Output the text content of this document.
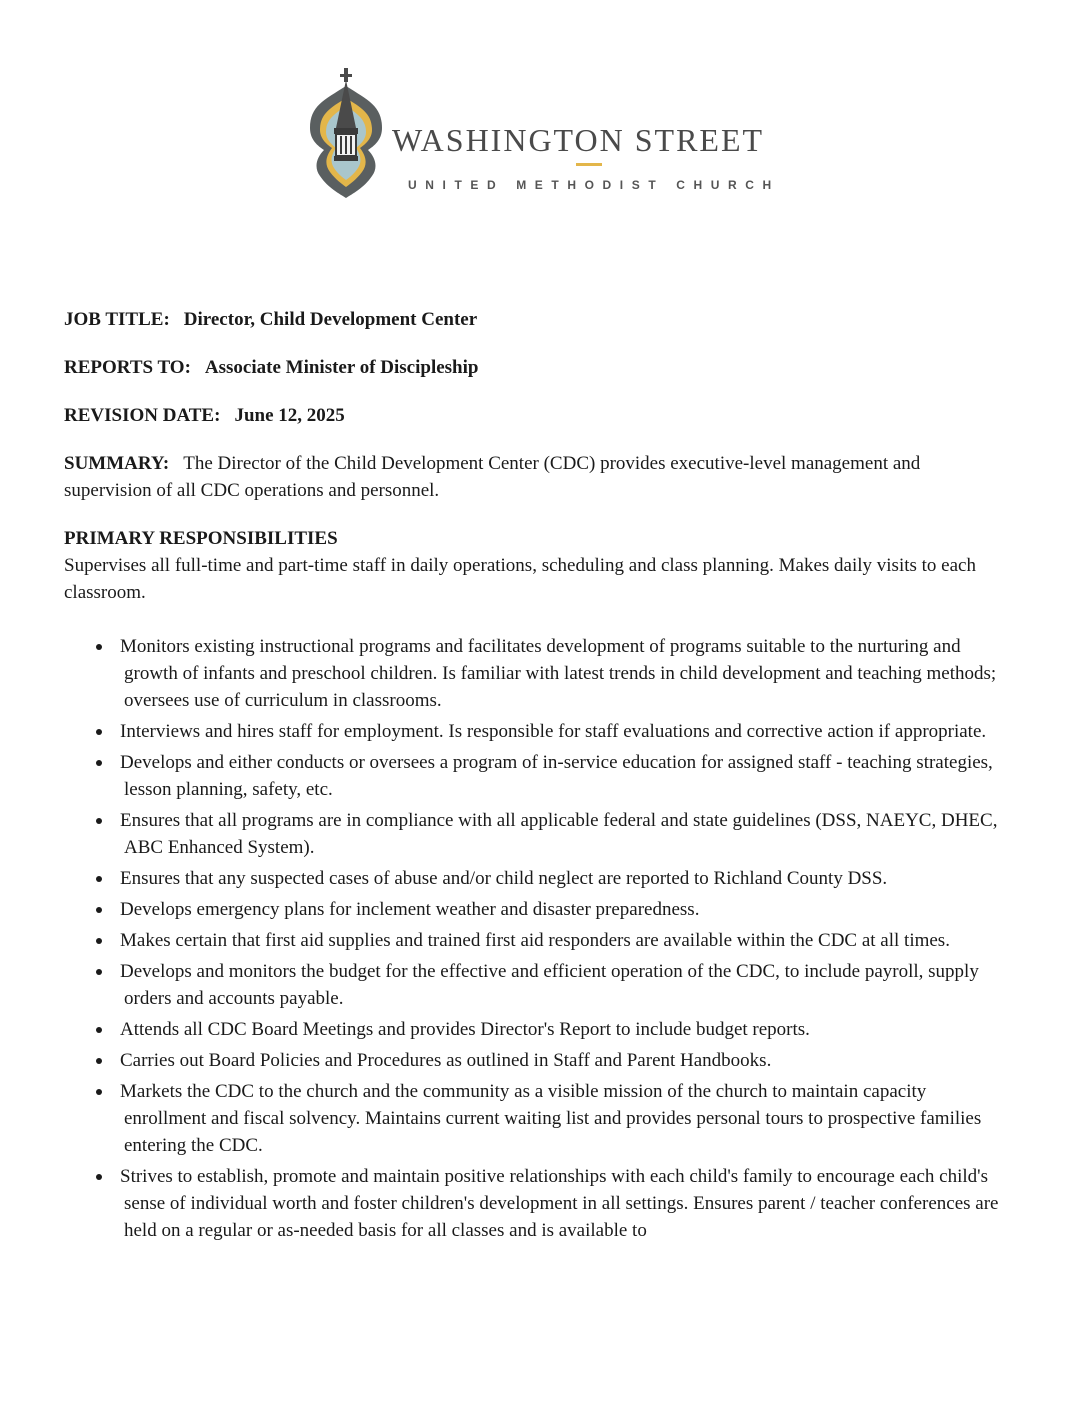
WASHINGTON STREET
UNITED METHODIST CHURCH

JOB TITLE: Director, Child Development Center

REPORTS TO: Associate Minister of Discipleship

REVISION DATE: June 12, 2025

SUMMARY: The Director of the Child Development Center (CDC) provides executive-level management and supervision of all CDC operations and personnel.

PRIMARY RESPONSIBILITIES

Supervises all full-time and part-time staff in daily operations, scheduling and class planning. Makes daily visits to each classroom.

Monitors existing instructional programs and facilitates development of programs suitable to the nurturing and growth of infants and preschool children. Is familiar with latest trends in child development and teaching methods; oversees use of curriculum in classrooms.
Interviews and hires staff for employment. Is responsible for staff evaluations and corrective action if appropriate.
Develops and either conducts or oversees a program of in-service education for assigned staff - teaching strategies, lesson planning, safety, etc.
Ensures that all programs are in compliance with all applicable federal and state guidelines (DSS, NAEYC, DHEC, ABC Enhanced System).
Ensures that any suspected cases of abuse and/or child neglect are reported to Richland County DSS.
Develops emergency plans for inclement weather and disaster preparedness.
Makes certain that first aid supplies and trained first aid responders are available within the CDC at all times.
Develops and monitors the budget for the effective and efficient operation of the CDC, to include payroll, supply orders and accounts payable.
Attends all CDC Board Meetings and provides Director's Report to include budget reports.
Carries out Board Policies and Procedures as outlined in Staff and Parent Handbooks.
Markets the CDC to the church and the community as a visible mission of the church to maintain capacity enrollment and fiscal solvency. Maintains current waiting list and provides personal tours to prospective families entering the CDC.
Strives to establish, promote and maintain positive relationships with each child's family to encourage each child's sense of individual worth and foster children's development in all settings. Ensures parent / teacher conferences are held on a regular or as-needed basis for all classes and is available to
